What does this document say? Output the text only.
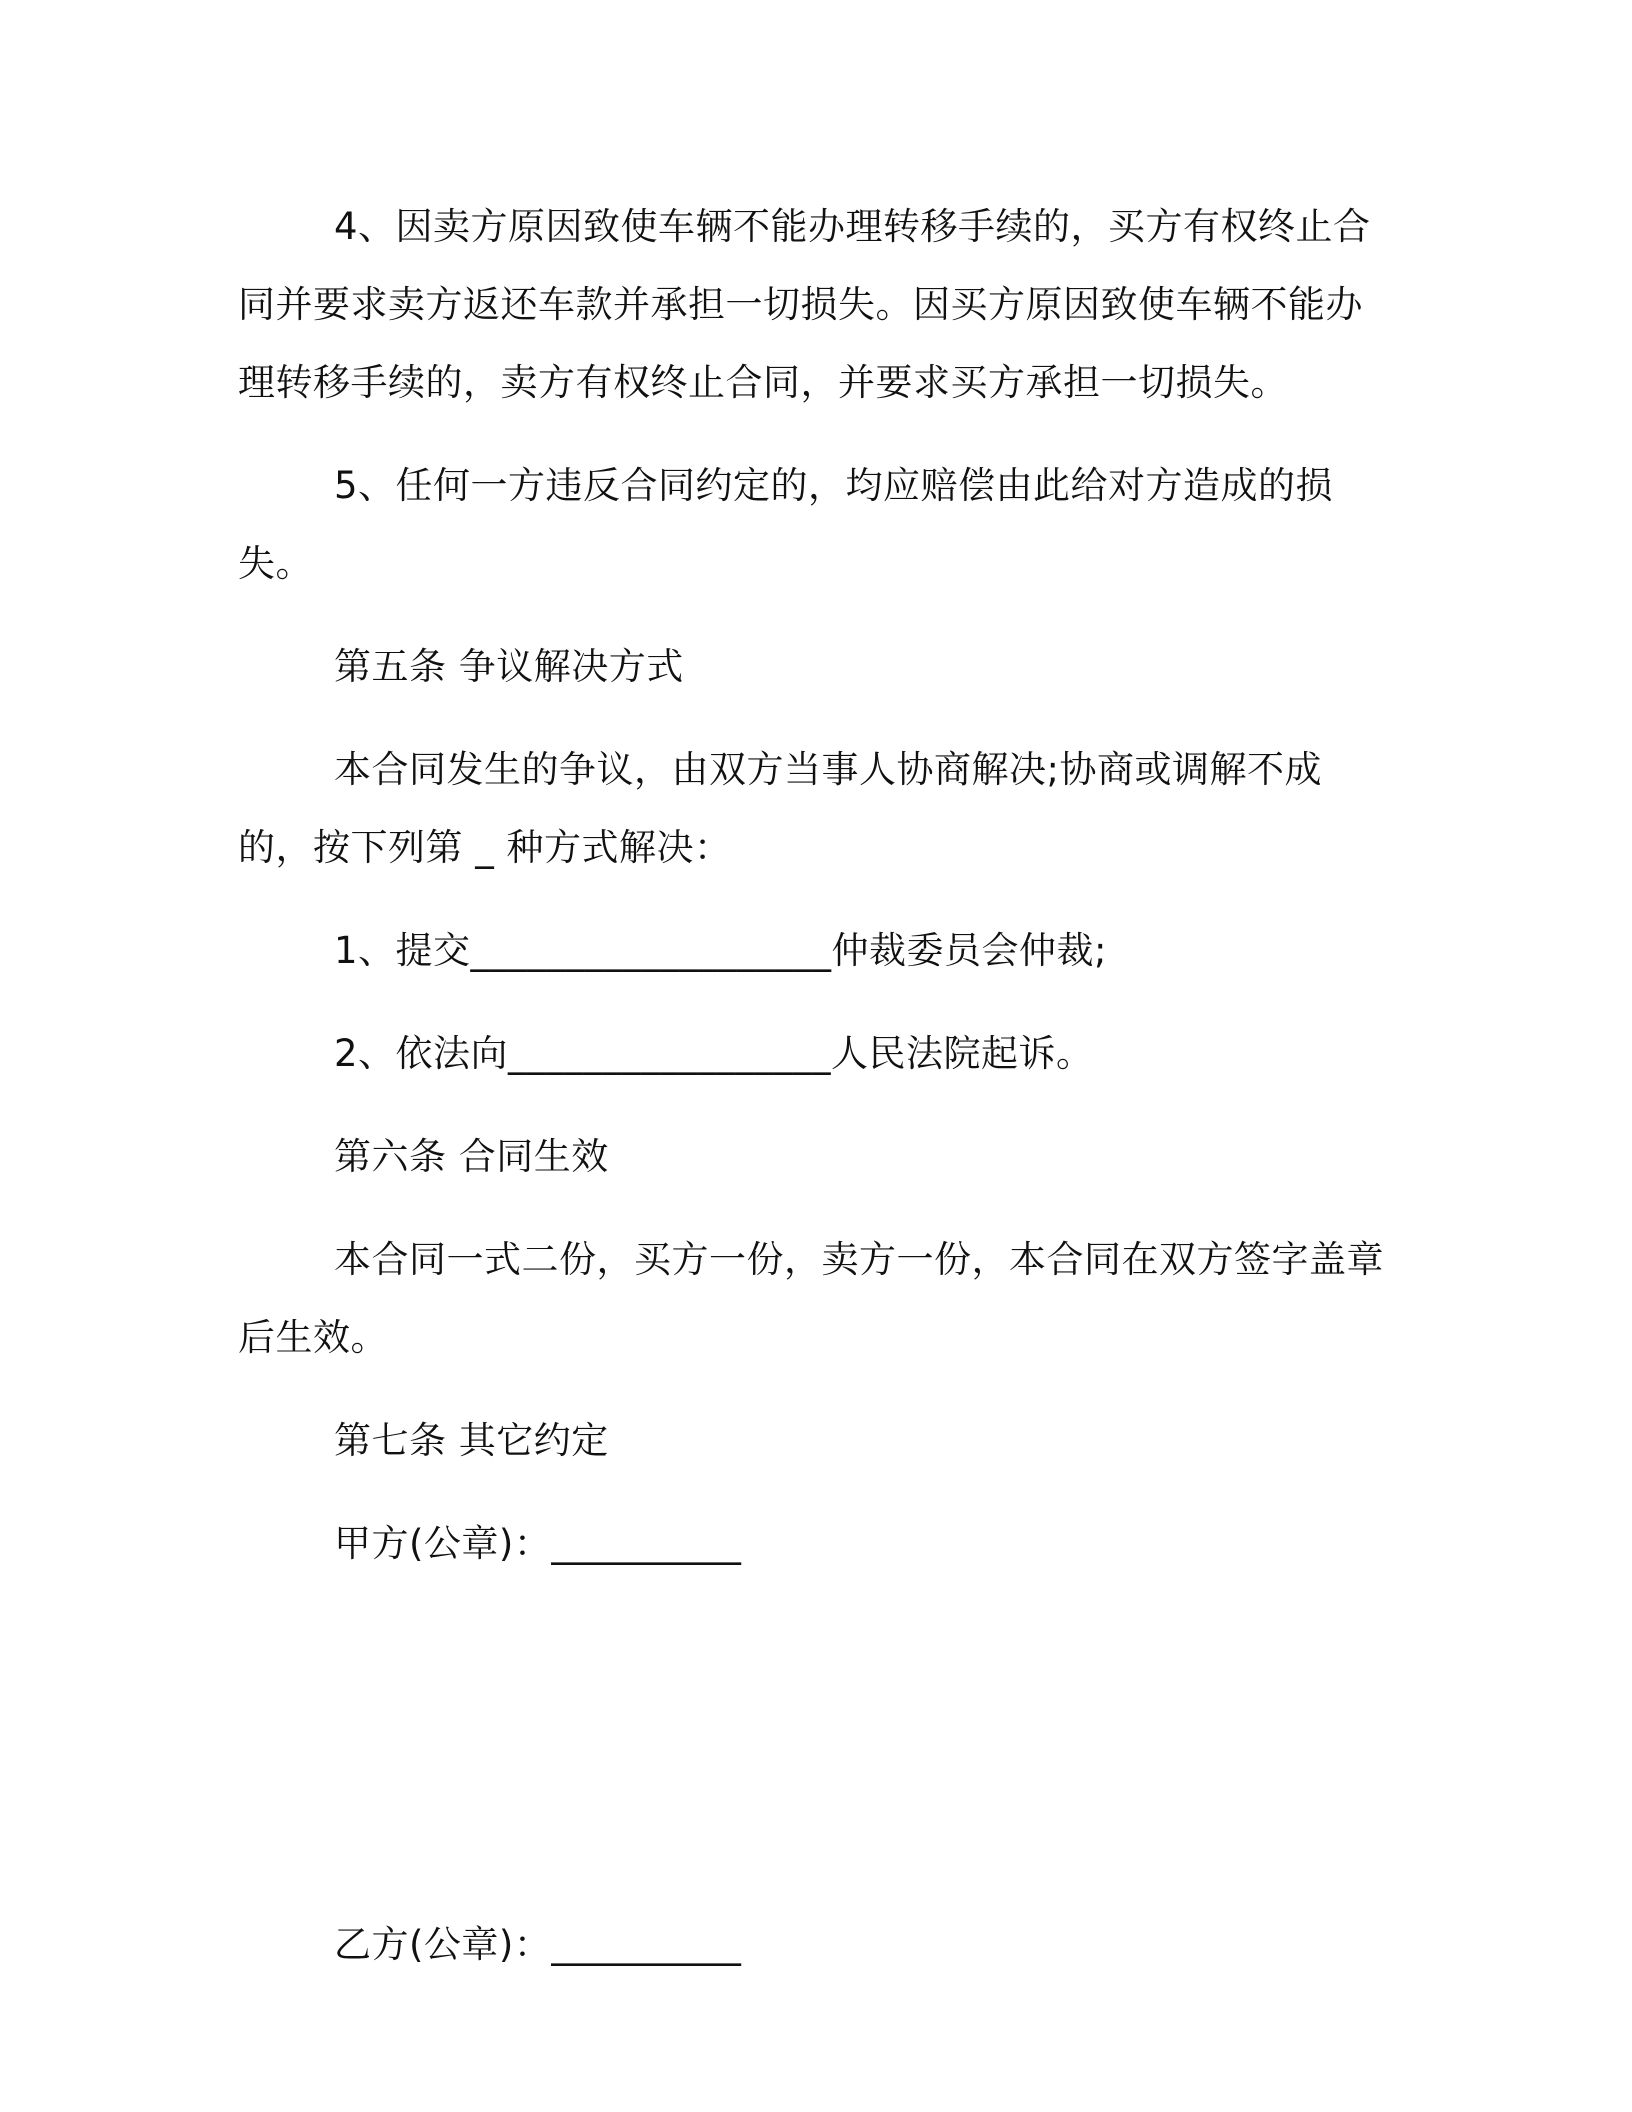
4、因卖方原因致使车辆不能办理转移手续的，买方有权终止合同并要求卖方返还车款并承担一切损失。因买方原因致使车辆不能办理转移手续的，卖方有权终止合同，并要求买方承担一切损失。

5、任何一方违反合同约定的，均应赔偿由此给对方造成的损失。

第五条 争议解决方式

本合同发生的争议，由双方当事人协商解决;协商或调解不成的，按下列第 _ 种方式解决：

1、提交___________________仲裁委员会仲裁;

2、依法向_________________人民法院起诉。

第六条 合同生效

本合同一式二份，买方一份，卖方一份，本合同在双方签字盖章后生效。

第七条 其它约定

甲方(公章)：__________

乙方(公章)：__________
